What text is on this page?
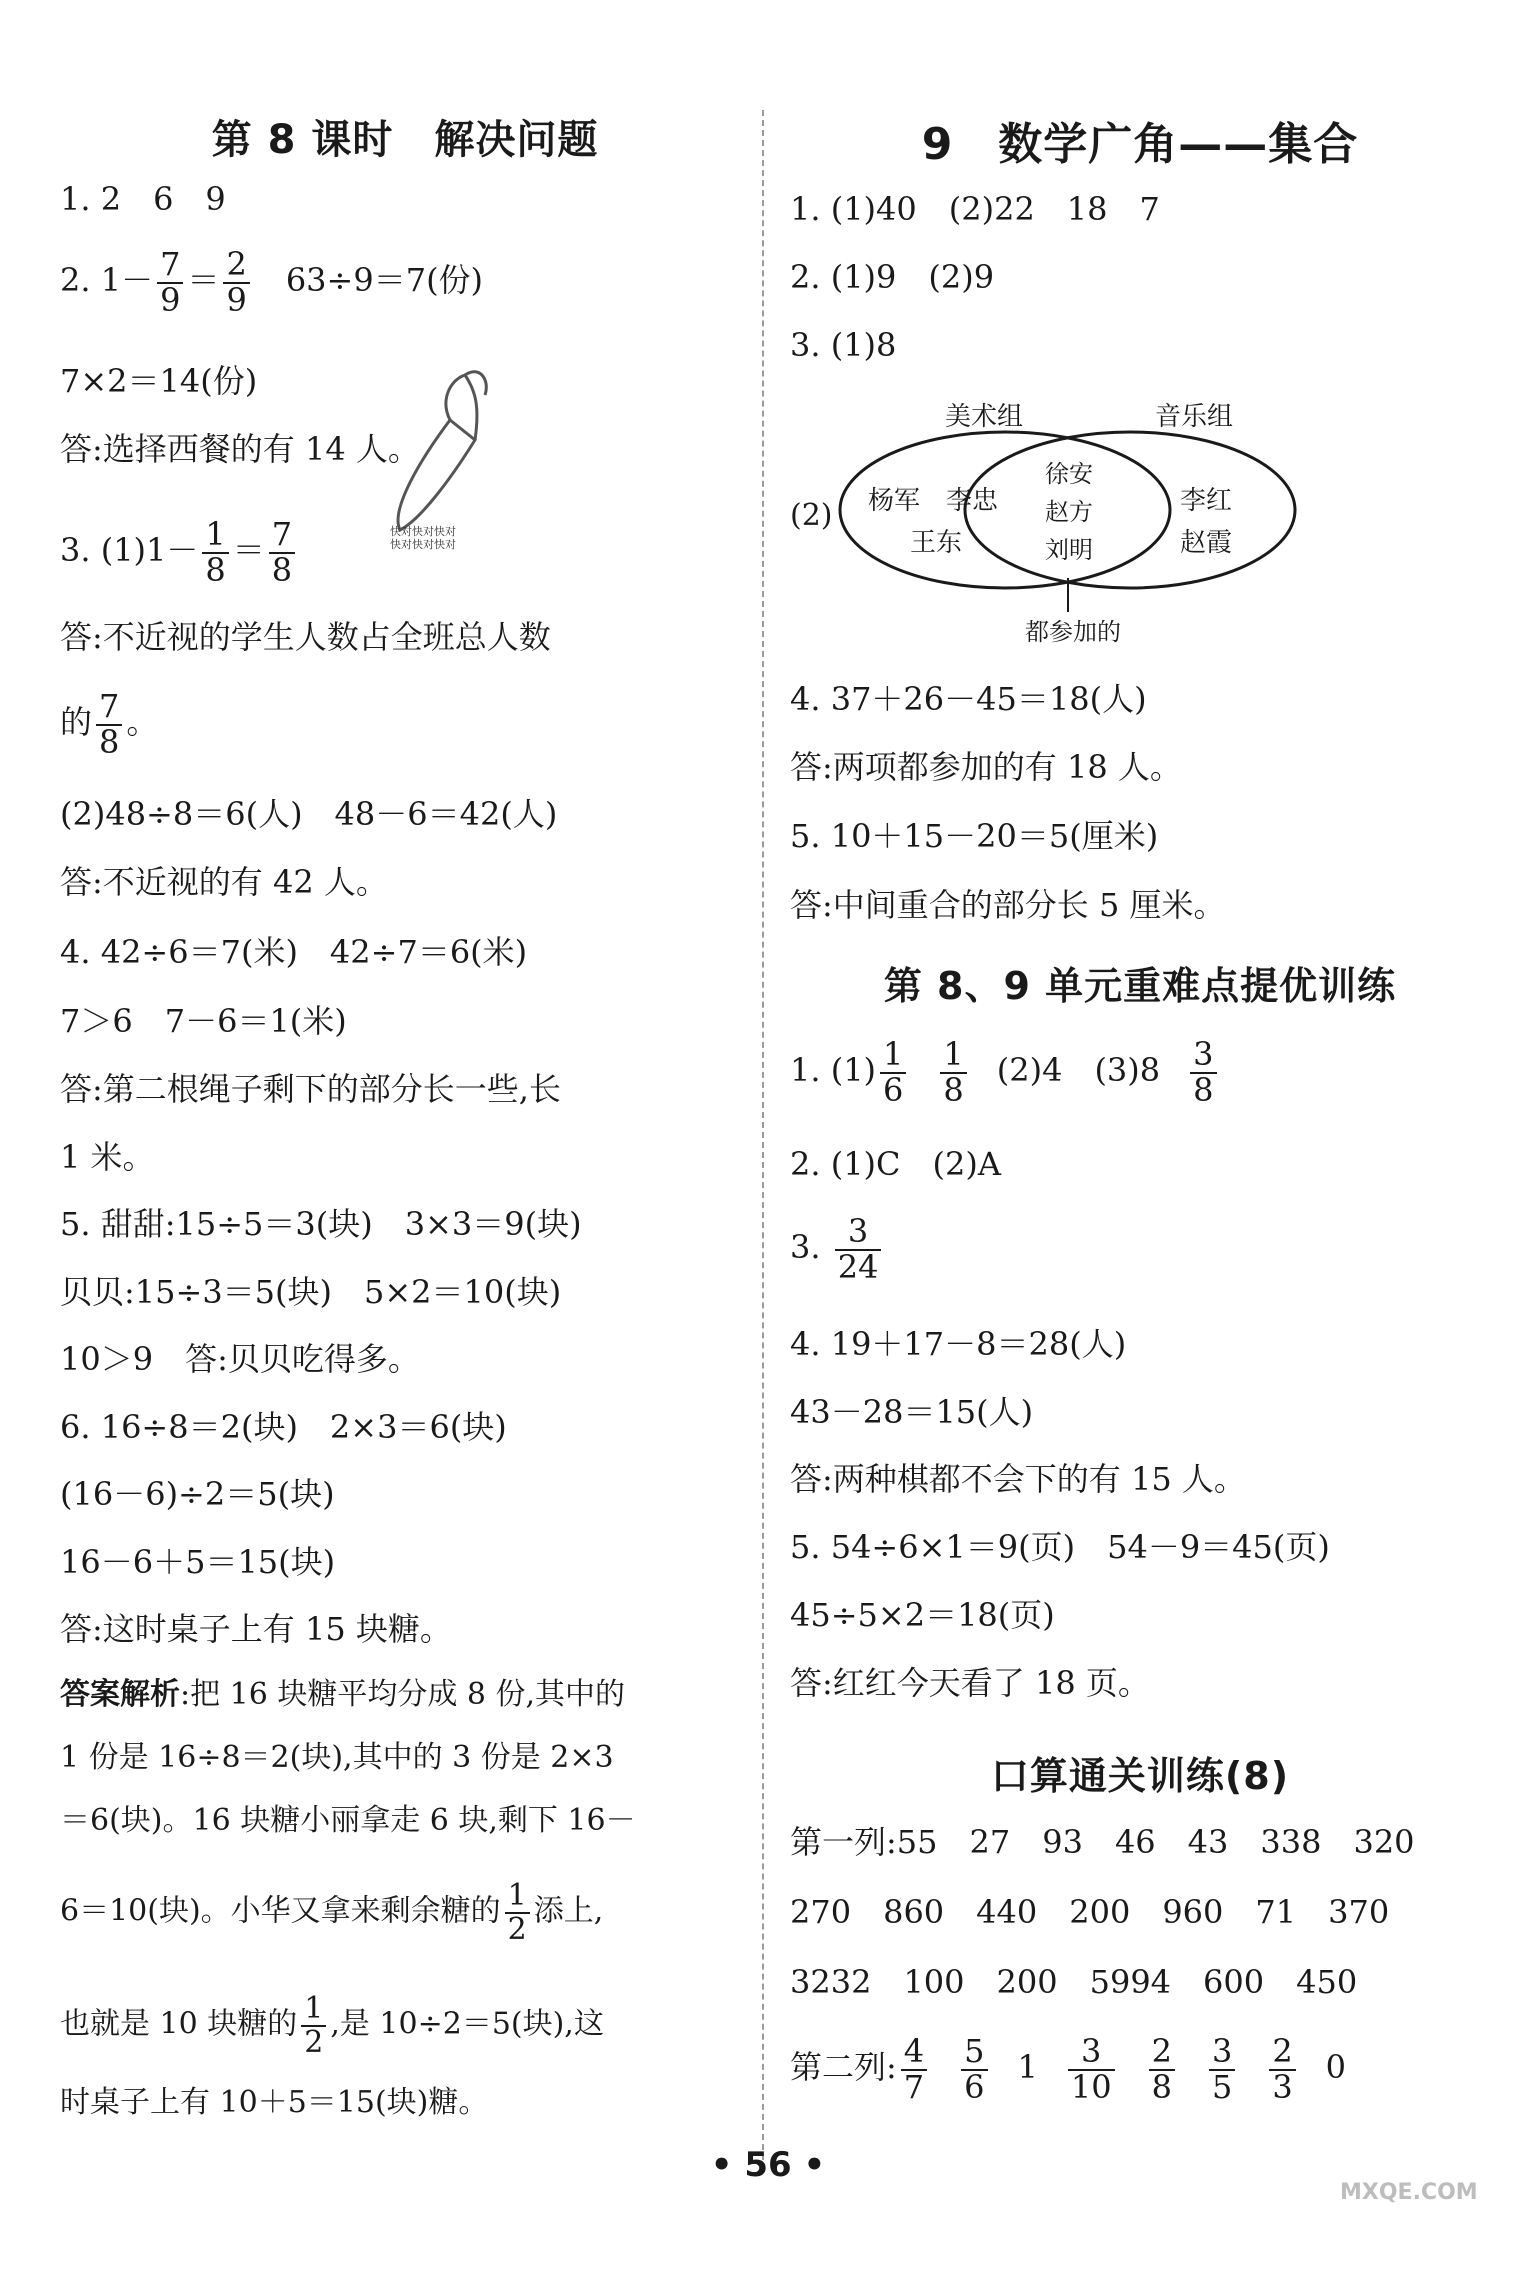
第 8 课时　解决问题
1. 2　6　9
2. $1- \frac{7}{9} = \frac{2}{9}$ 　63÷9＝7(份)
7×2＝14(份)
答:选择西餐的有 14 人。
3. $(1)1- \frac{1}{8} = \frac{7}{8}$	快对快对快对
快对快对快对
答:不近视的学生人数占全班总人数
的 $\frac{7}{8}$ 。
(2)48÷8＝6(人)　48－6＝42(人)
答:不近视的有 42 人。
4. 42÷6＝7(米)　42÷7＝6(米)
7＞6　7－6＝1(米)
答:第二根绳子剩下的部分长一些,长
1 米。
5. 甜甜:15÷5＝3(块)　3×3＝9(块)
贝贝:15÷3＝5(块)　5×2＝10(块)
10＞9　答:贝贝吃得多。
6. 16÷8＝2(块)　2×3＝6(块)
(16－6)÷2＝5(块)
16－6＋5＝15(块)
答:这时桌子上有 15 块糖。
答案解析:把 16 块糖平均分成 8 份,其中的
1 份是 16÷8＝2(块),其中的 3 份是 2×3
＝6(块)。16 块糖小丽拿走 6 块,剩下 16－
6＝10(块)。小华又拿来剩余糖的 $\frac{1}{2}$ 添上,
也就是 10 块糖的 $\frac{1}{2}$ ,是 10÷2＝5(块),这
时桌子上有 10＋5＝15(块)糖。
9　数学广角——集合
1. (1)40　(2)22　18　7
2. (1)9　(2)9
3. (1)8
美术组	音乐组
(2) 杨军　李忠
王东
徐安
赵方
刘明
李红
赵霞
都参加的
4. 37＋26－45＝18(人)
答:两项都参加的有 18 人。
5. 10＋15－20＝5(厘米)
答:中间重合的部分长 5 厘米。
第 8、9 单元重难点提优训练
1. $(1) \frac{1}{6} \frac{1}{8} (2)4$　$(3)8 \frac{3}{8}$
2. (1)C　(2)A
3. $\frac{3}{24}$
4. 19＋17－8＝28(人)
43－28＝15(人)
答:两种棋都不会下的有 15 人。
5. 54÷6×1＝9(页)　54－9＝45(页)
45÷5×2＝18(页)
答:红红今天看了 18 页。
口算通关训练(8)
第一列:55　27　93　46　43　338　320
270　860　440　200　960　71　370
3232　100　200　5994　600　450
第二列: $\frac{4}{7} \frac{5}{6} 1 \frac{3}{10} \frac{2}{8} \frac{3}{5} \frac{2}{3} 0$
• 56 •
MXQE.COM
